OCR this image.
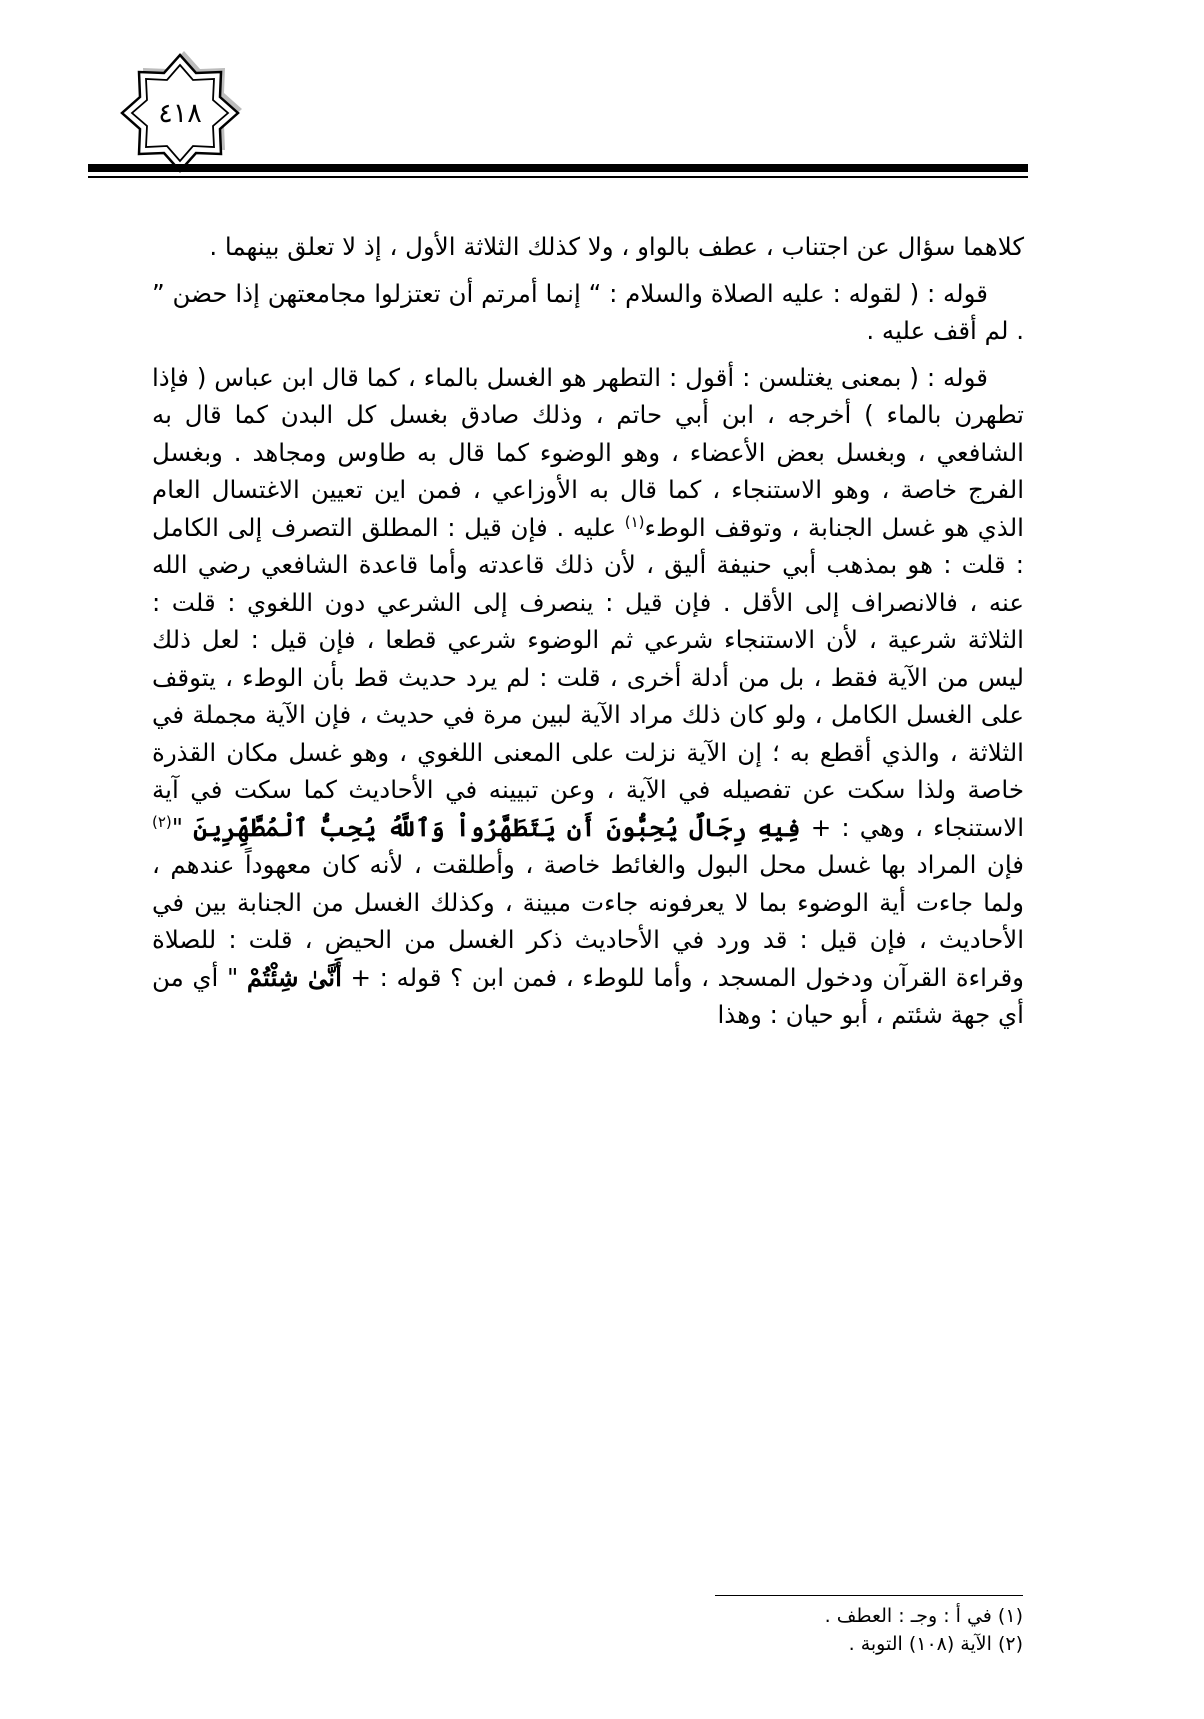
٤١٨

كلاهما سؤال عن اجتناب ، عطف بالواو ، ولا كذلك الثلاثة الأول ، إذ لا تعلق بينهما .

قوله : ( لقوله : عليه الصلاة والسلام : “ إنما أمرتم أن تعتزلوا مجامعتهن إذا حضن ” . لم أقف عليه .

قوله : ( بمعنى يغتلسن : أقول : التطهر هو الغسل بالماء ، كما قال ابن عباس ( فإذا تطهرن بالماء ) أخرجه ، ابن أبي حاتم ، وذلك صادق بغسل كل البدن كما قال به الشافعي ، وبغسل بعض الأعضاء ، وهو الوضوء كما قال به طاوس ومجاهد . وبغسل الفرج خاصة ، وهو الاستنجاء ، كما قال به الأوزاعي ، فمن اين تعيين الاغتسال العام الذي هو غسل الجنابة ، وتوقف الوطء$^{(١)}$ عليه . فإن قيل : المطلق التصرف إلى الكامل : قلت : هو بمذهب أبي حنيفة أليق ، لأن ذلك قاعدته وأما قاعدة الشافعي رضي الله عنه ، فالانصراف إلى الأقل . فإن قيل : ينصرف إلى الشرعي دون اللغوي : قلت : الثلاثة شرعية ، لأن الاستنجاء شرعي ثم الوضوء شرعي قطعا ، فإن قيل : لعل ذلك ليس من الآية فقط ، بل من أدلة أخرى ، قلت : لم يرد حديث قط بأن الوطء ، يتوقف على الغسل الكامل ، ولو كان ذلك مراد الآية لبين مرة في حديث ، فإن الآية مجملة في الثلاثة ، والذي أقطع به ؛ إن الآية نزلت على المعنى اللغوي ، وهو غسل مكان القذرة خاصة ولذا سكت عن تفصيله في الآية ، وعن تبيينه في الأحاديث كما سكت في آية الاستنجاء ، وهي : + فِيهِ رِجَالٌ يُحِبُّونَ أَن يَتَطَهَّرُواْ وَٱللَّهُ يُحِبُّ ٱلْمُطَّهِّرِينَ "$^{(٢)}$ فإن المراد بها غسل محل البول والغائط خاصة ، وأطلقت ، لأنه كان معهوداً عندهم ، ولما جاءت أية الوضوء بما لا يعرفونه جاءت مبينة ، وكذلك الغسل من الجنابة بين في الأحاديث ، فإن قيل : قد ورد في الأحاديث ذكر الغسل من الحيض ، قلت : للصلاة وقراءة القرآن ودخول المسجد ، وأما للوطء ، فمن ابن ؟ قوله : + أَنَّىٰ شِئْتُمْ " أي من أي جهة شئتم ، أبو حيان : وهذا

(١) في أ : وجـ : العطف .
(٢) الآية (١٠٨) التوبة .
